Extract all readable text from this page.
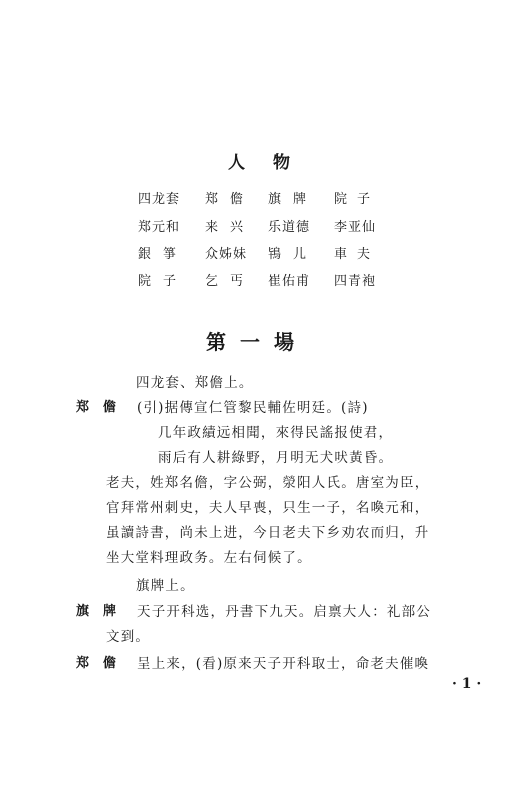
人物
四龙套 郑儋 旗牌 院子
郑元和 来兴 乐道德 李亚仙
銀箏 众姊妹 鴇儿 車夫
院子 乞丐 崔佑甫 四青袍
第一場
四龙套、郑儋上。
郑儋 (引)据傳宣仁管黎民輔佐明廷。(詩)
几年政績远相聞，來得民謠报使君，
雨后有人耕綠野，月明无犬吠黃昏。
老夫，姓郑名儋，字公弼，滎阳人氏。唐室为臣，
官拜常州刺史，夫人早喪，只生一子，名喚元和，
虽讀詩書，尚未上进，今日老夫下乡劝农而归，升
坐大堂料理政务。左右伺候了。
旗牌上。
旗牌 天子开科选，丹書下九天。启禀大人：礼部公
文到。
郑儋 呈上来，(看)原来天子开科取士，命老夫催喚
· 1 ·
